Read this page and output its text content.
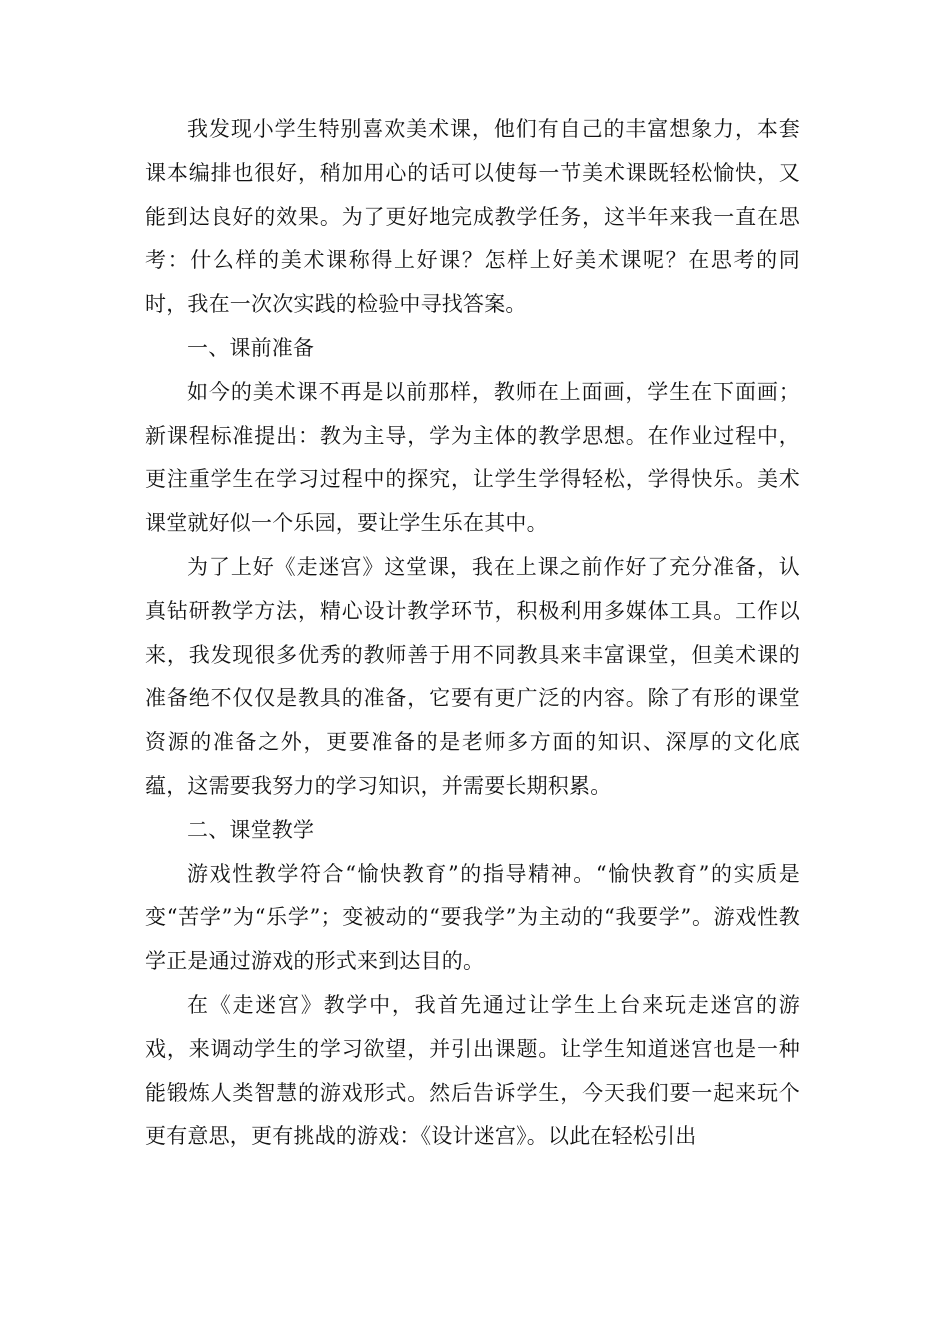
我发现小学生特别喜欢美术课，他们有自己的丰富想象力，本套课本编排也很好，稍加用心的话可以使每一节美术课既轻松愉快，又能到达良好的效果。为了更好地完成教学任务，这半年来我一直在思考：什么样的美术课称得上好课？怎样上好美术课呢？在思考的同时，我在一次次实践的检验中寻找答案。

一、课前准备

如今的美术课不再是以前那样，教师在上面画，学生在下面画；新课程标准提出：教为主导，学为主体的教学思想。在作业过程中，更注重学生在学习过程中的探究，让学生学得轻松，学得快乐。美术课堂就好似一个乐园，要让学生乐在其中。

为了上好《走迷宫》这堂课，我在上课之前作好了充分准备，认真钻研教学方法，精心设计教学环节，积极利用多媒体工具。工作以来，我发现很多优秀的教师善于用不同教具来丰富课堂，但美术课的准备绝不仅仅是教具的准备，它要有更广泛的内容。除了有形的课堂资源的准备之外，更要准备的是老师多方面的知识、深厚的文化底蕴，这需要我努力的学习知识，并需要长期积累。

二、课堂教学

游戏性教学符合“愉快教育”的指导精神。“愉快教育”的实质是变“苦学”为“乐学”；变被动的“要我学”为主动的“我要学”。游戏性教学正是通过游戏的形式来到达目的。

在《走迷宫》教学中，我首先通过让学生上台来玩走迷宫的游戏，来调动学生的学习欲望，并引出课题。让学生知道迷宫也是一种能锻炼人类智慧的游戏形式。然后告诉学生，今天我们要一起来玩个更有意思，更有挑战的游戏：《设计迷宫》。以此在轻松引出
